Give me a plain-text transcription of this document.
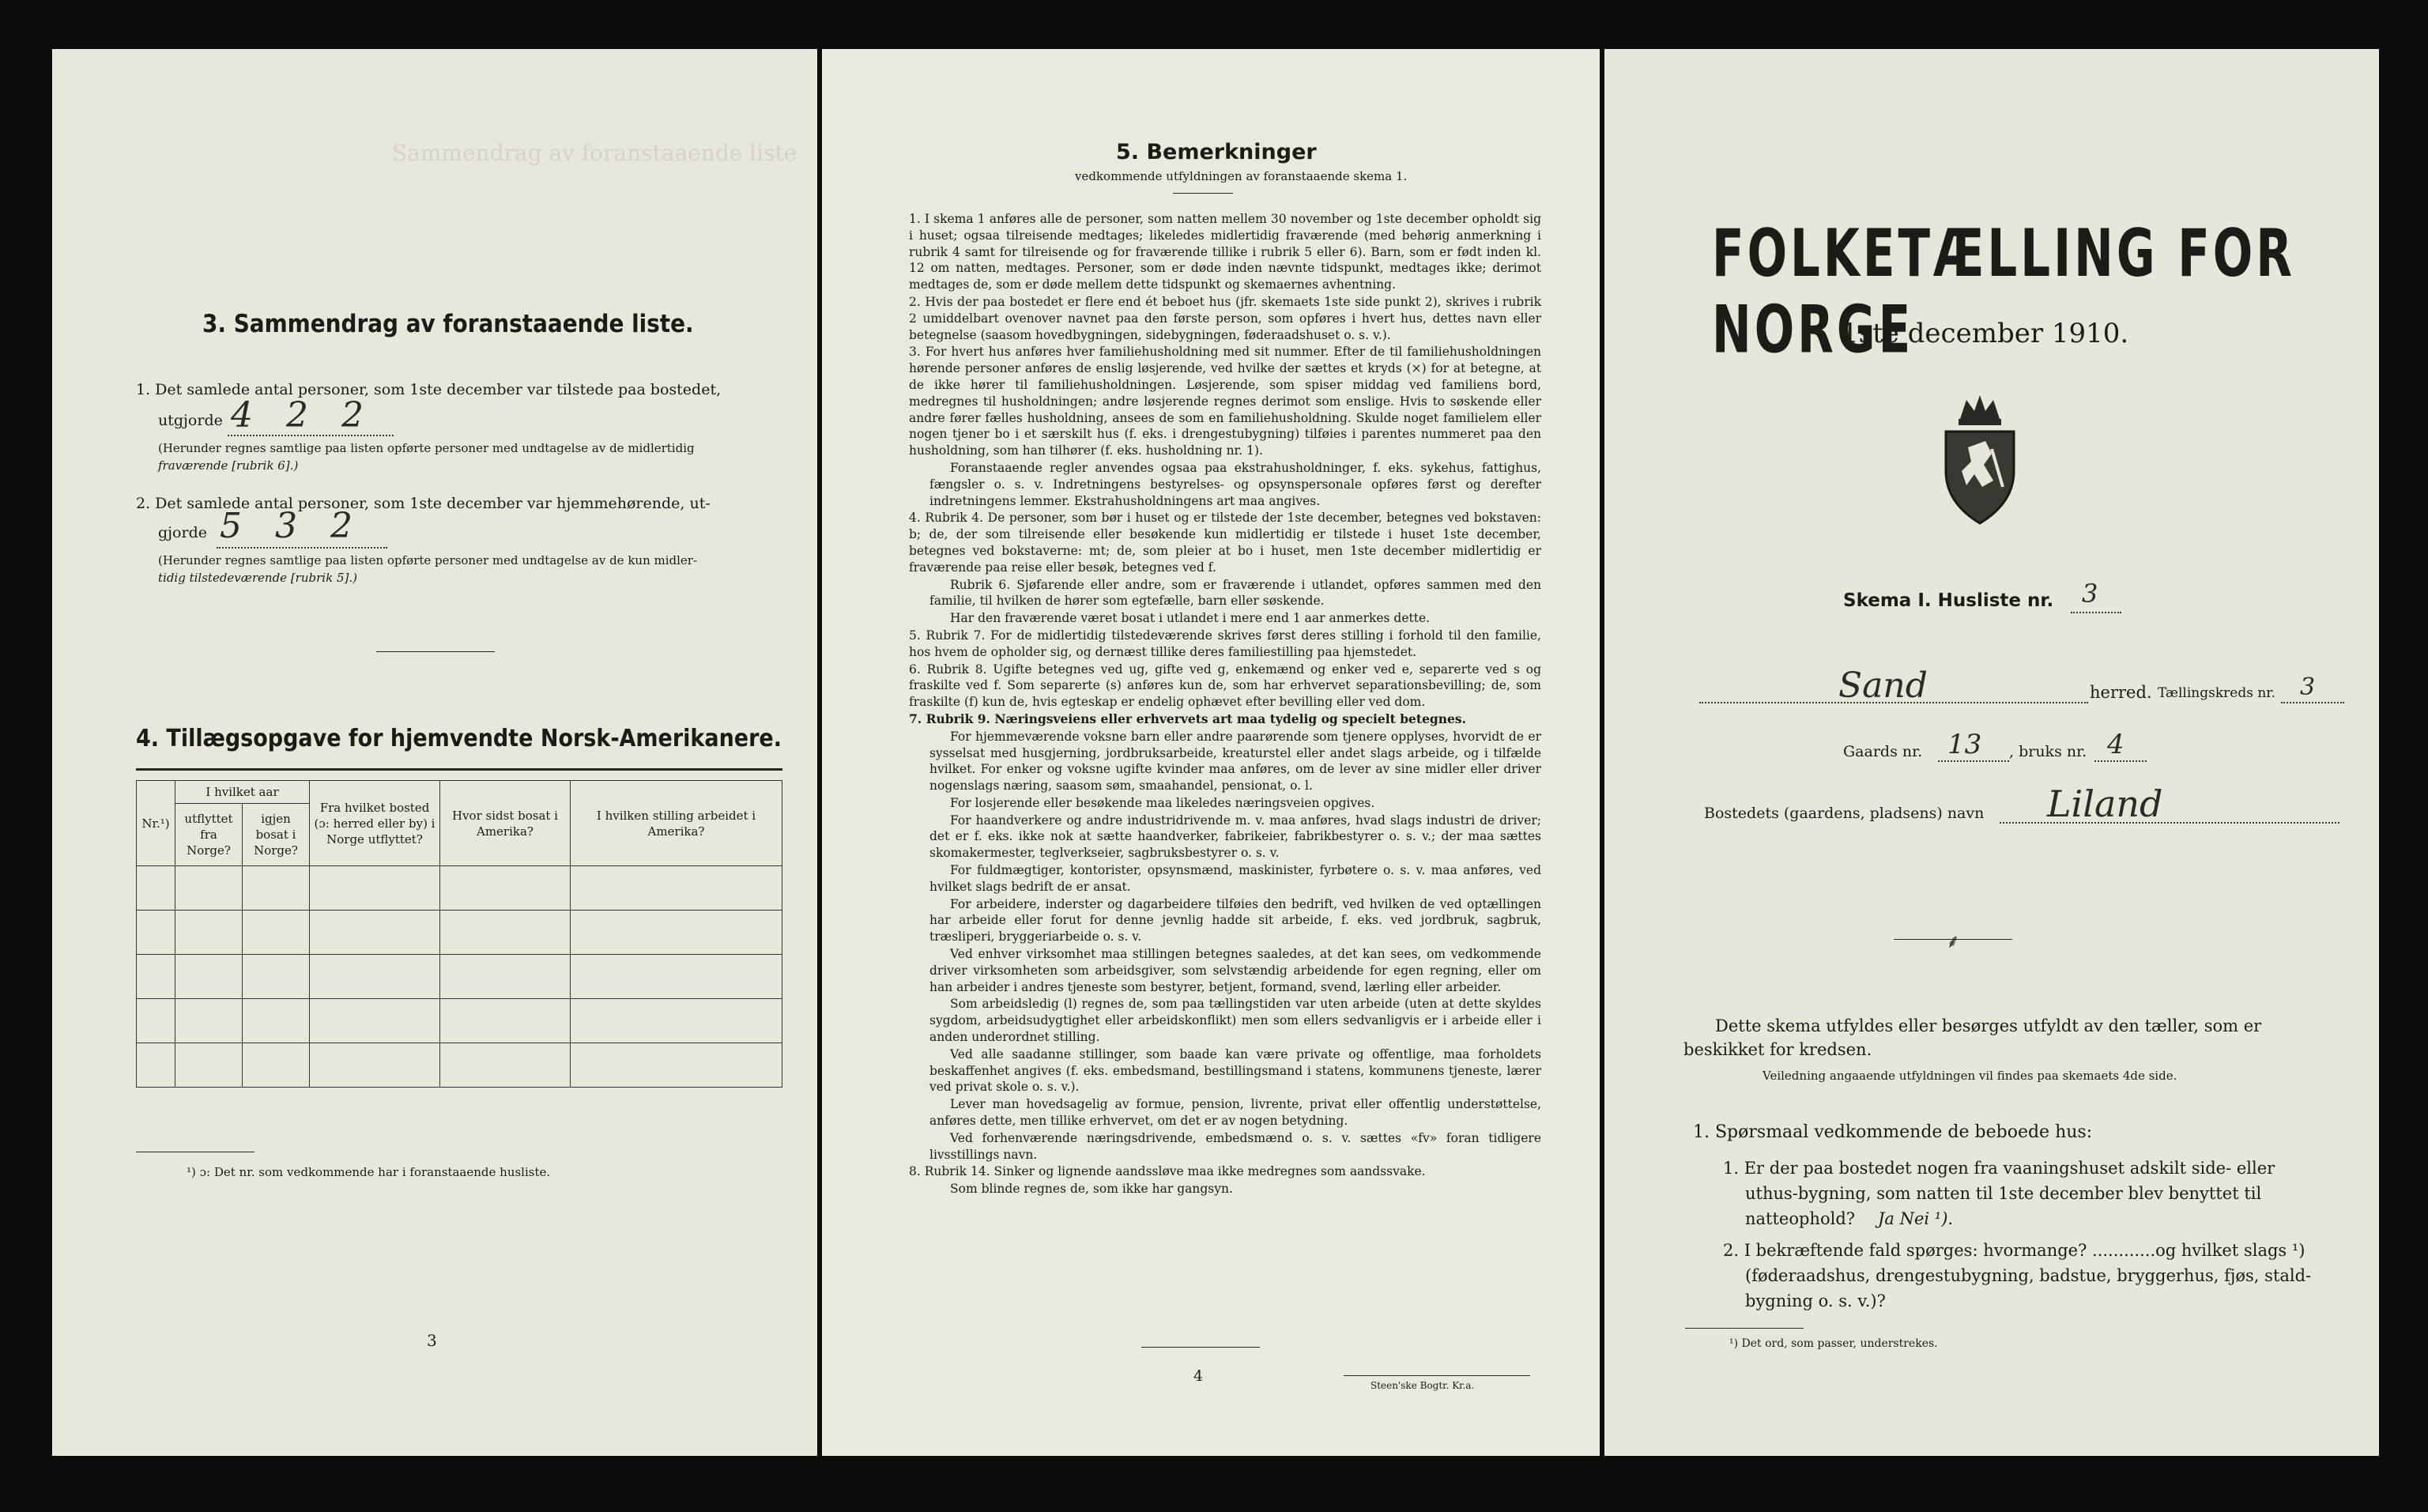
Sammendrag av foranstaaende liste
3. Sammendrag av foranstaaende liste.
1. Det samlede antal personer, som 1ste december var tilstede paa bostedet,
utgjorde 4 2 2
(Herunder regnes samtlige paa listen opførte personer med undtagelse av de midlertidig
fraværende [rubrik 6].)
2. Det samlede antal personer, som 1ste december var hjemmehørende, ut-
gjorde 5 3 2
(Herunder regnes samtlige paa listen opførte personer med undtagelse av de kun midler-
tidig tilstedeværende [rubrik 5].)
4. Tillægsopgave for hjemvendte Norsk-Amerikanere.
Nr.¹)	I hvilket aar		Fra hvilket bosted (ɔ: herred eller by) i Norge utflyttet?	Hvor sidst bosat i Amerika?	I hvilken stilling arbeidet i Amerika?
	utflyttet fra Norge?	igjen bosat i Norge?			

¹) ɔ: Det nr. som vedkommende har i foranstaaende husliste.
3
5. Bemerkninger
vedkommende utfyldningen av foranstaaende skema 1.

1. I skema 1 anføres alle de personer, som natten mellem 30 november og 1ste december opholdt sig i huset; ogsaa tilreisende medtages; likeledes midlertidig fraværende (med behørig anmerkning i rubrik 4 samt for tilreisende og for fraværende tillike i rubrik 5 eller 6). Barn, som er født inden kl. 12 om natten, medtages. Personer, som er døde inden nævnte tidspunkt, medtages ikke; derimot medtages de, som er døde mellem dette tidspunkt og skemaernes avhentning.

2. Hvis der paa bostedet er flere end ét beboet hus (jfr. skemaets 1ste side punkt 2), skrives i rubrik 2 umiddelbart ovenover navnet paa den første person, som opføres i hvert hus, dettes navn eller betegnelse (saasom hovedbygningen, sidebygningen, føderaadshuset o. s. v.).

3. For hvert hus anføres hver familiehusholdning med sit nummer. Efter de til familiehusholdningen hørende personer anføres de enslig løsjerende, ved hvilke der sættes et kryds (×) for at betegne, at de ikke hører til familiehusholdningen. Løsjerende, som spiser middag ved familiens bord, medregnes til husholdningen; andre løsjerende regnes derimot som enslige. Hvis to søskende eller andre fører fælles husholdning, ansees de som en familiehusholdning. Skulde noget familielem eller nogen tjener bo i et særskilt hus (f. eks. i drengestubygning) tilføies i parentes nummeret paa den husholdning, som han tilhører (f. eks. husholdning nr. 1).

Foranstaaende regler anvendes ogsaa paa ekstrahusholdninger, f. eks. sykehus, fattighus, fængsler o. s. v. Indretningens bestyrelses- og opsynspersonale opføres først og derefter indretningens lemmer. Ekstrahusholdningens art maa angives.

4. Rubrik 4. De personer, som bør i huset og er tilstede der 1ste december, betegnes ved bokstaven: b; de, der som tilreisende eller besøkende kun midlertidig er tilstede i huset 1ste december, betegnes ved bokstaverne: mt; de, som pleier at bo i huset, men 1ste december midlertidig er fraværende paa reise eller besøk, betegnes ved f.

Rubrik 6. Sjøfarende eller andre, som er fraværende i utlandet, opføres sammen med den familie, til hvilken de hører som egtefælle, barn eller søskende.

Har den fraværende været bosat i utlandet i mere end 1 aar anmerkes dette.

5. Rubrik 7. For de midlertidig tilstedeværende skrives først deres stilling i forhold til den familie, hos hvem de opholder sig, og dernæst tillike deres familiestilling paa hjemstedet.

6. Rubrik 8. Ugifte betegnes ved ug, gifte ved g, enkemænd og enker ved e, separerte ved s og fraskilte ved f. Som separerte (s) anføres kun de, som har erhvervet separationsbevilling; de, som fraskilte (f) kun de, hvis egteskap er endelig ophævet efter bevilling eller ved dom.

7. Rubrik 9. Næringsveiens eller erhvervets art maa tydelig og specielt betegnes.

For hjemmeværende voksne barn eller andre paarørende som tjenere opplyses, hvorvidt de er sysselsat med husgjerning, jordbruksarbeide, kreaturstel eller andet slags arbeide, og i tilfælde hvilket. For enker og voksne ugifte kvinder maa anføres, om de lever av sine midler eller driver nogenslags næring, saasom søm, smaahandel, pensionat, o. l.

For losjerende eller besøkende maa likeledes næringsveien opgives.

For haandverkere og andre industridrivende m. v. maa anføres, hvad slags industri de driver; det er f. eks. ikke nok at sætte haandverker, fabrikeier, fabrikbestyrer o. s. v.; der maa sættes skomakermester, teglverkseier, sagbruksbestyrer o. s. v.

For fuldmægtiger, kontorister, opsynsmænd, maskinister, fyrbøtere o. s. v. maa anføres, ved hvilket slags bedrift de er ansat.

For arbeidere, inderster og dagarbeidere tilføies den bedrift, ved hvilken de ved optællingen har arbeide eller forut for denne jevnlig hadde sit arbeide, f. eks. ved jordbruk, sagbruk, træsliperi, bryggeriarbeide o. s. v.

Ved enhver virksomhet maa stillingen betegnes saaledes, at det kan sees, om vedkommende driver virksomheten som arbeidsgiver, som selvstændig arbeidende for egen regning, eller om han arbeider i andres tjeneste som bestyrer, betjent, formand, svend, lærling eller arbeider.

Som arbeidsledig (l) regnes de, som paa tællingstiden var uten arbeide (uten at dette skyldes sygdom, arbeidsudygtighet eller arbeidskonflikt) men som ellers sedvanligvis er i arbeide eller i anden underordnet stilling.

Ved alle saadanne stillinger, som baade kan være private og offentlige, maa forholdets beskaffenhet angives (f. eks. embedsmand, bestillingsmand i statens, kommunens tjeneste, lærer ved privat skole o. s. v.).

Lever man hovedsagelig av formue, pension, livrente, privat eller offentlig understøttelse, anføres dette, men tillike erhvervet, om det er av nogen betydning.

Ved forhenværende næringsdrivende, embedsmænd o. s. v. sættes «fv» foran tidligere livsstillings navn.

8. Rubrik 14. Sinker og lignende aandssløve maa ikke medregnes som aandssvake.

Som blinde regnes de, som ikke har gangsyn.

4
Steen'ske Bogtr. Kr.a.
FOLKETÆLLING FOR NORGE
1ste december 1910.
Skema I. Husliste nr. 3
Sand	herred. Tællingskreds nr. 3
Gaards nr. 13 , bruks nr. 4
Bostedets (gaardens, pladsens) navn Liland
⸙
Dette skema utfyldes eller besørges utfyldt av den tæller, som er
beskikket for kredsen.
Veiledning angaaende utfyldningen vil findes paa skemaets 4de side.
1. Spørsmaal vedkommende de beboede hus:
1. Er der paa bostedet nogen fra vaaningshuset adskilt side- eller
uthus-bygning, som natten til 1ste december blev benyttet til
natteophold? Ja Nei ¹).
2. I bekræftende fald spørges: hvormange? ............og hvilket slags ¹)
(føderaadshus, drengestubygning, badstue, bryggerhus, fjøs, stald-
bygning o. s. v.)?
¹) Det ord, som passer, understrekes.
